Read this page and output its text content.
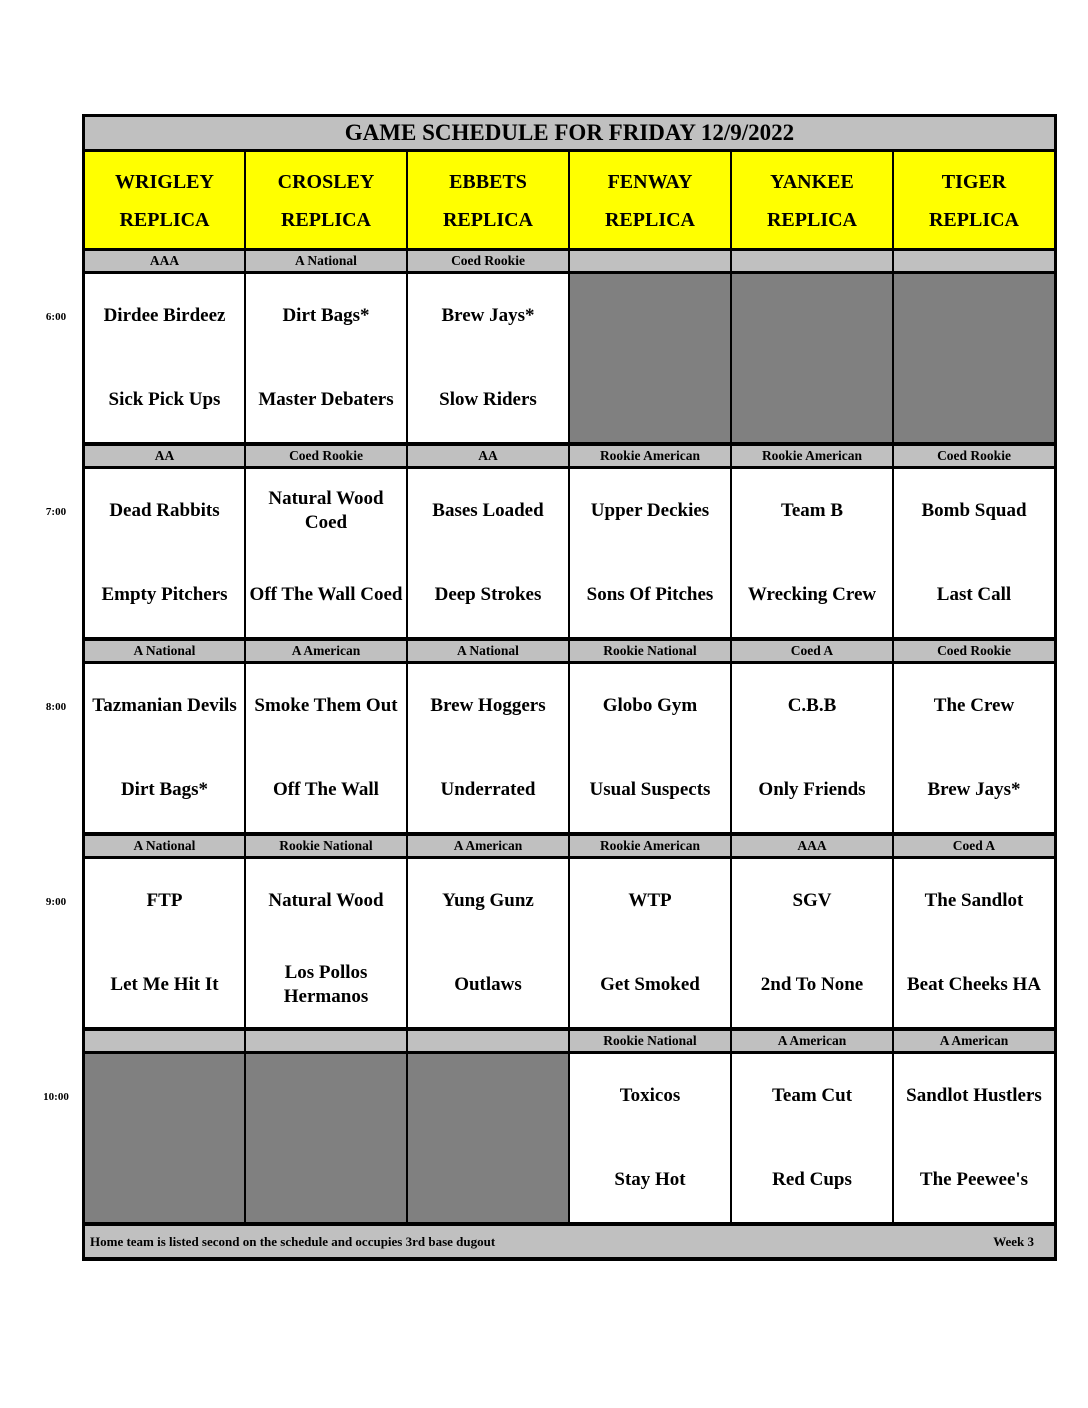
GAME SCHEDULE FOR FRIDAY 12/9/2022
Home team is listed second on the schedule and occupies 3rd base dugout	Week 3
WRIGLEY
REPLICA
CROSLEY
REPLICA
EBBETS
REPLICA
FENWAY
REPLICA
YANKEE
REPLICA
TIGER
REPLICA
AAA
Dirdee Birdeez
Sick Pick Ups
A National
Dirt Bags*
Master Debaters
Coed Rookie
Brew Jays*
Slow Riders
AA
Dead Rabbits
Empty Pitchers
Coed Rookie
Natural Wood Coed
Off The Wall Coed
AA
Bases Loaded
Deep Strokes
Rookie American
Upper Deckies
Sons Of Pitches
Rookie American
Team B
Wrecking Crew
Coed Rookie
Bomb Squad
Last Call
A National
Tazmanian Devils
Dirt Bags*
A American
Smoke Them Out
Off The Wall
A National
Brew Hoggers
Underrated
Rookie National
Globo Gym
Usual Suspects
Coed A
C.B.B
Only Friends
Coed Rookie
The Crew
Brew Jays*
A National
FTP
Let Me Hit It
Rookie National
Natural Wood
Los Pollos Hermanos
A American
Yung Gunz
Outlaws
Rookie American
WTP
Get Smoked
AAA
SGV
2nd To None
Coed A
The Sandlot
Beat Cheeks HA
Rookie National
Toxicos
Stay Hot
A American
Team Cut
Red Cups
A American
Sandlot Hustlers
The Peewee's
6:00
7:00
8:00
9:00
10:00
